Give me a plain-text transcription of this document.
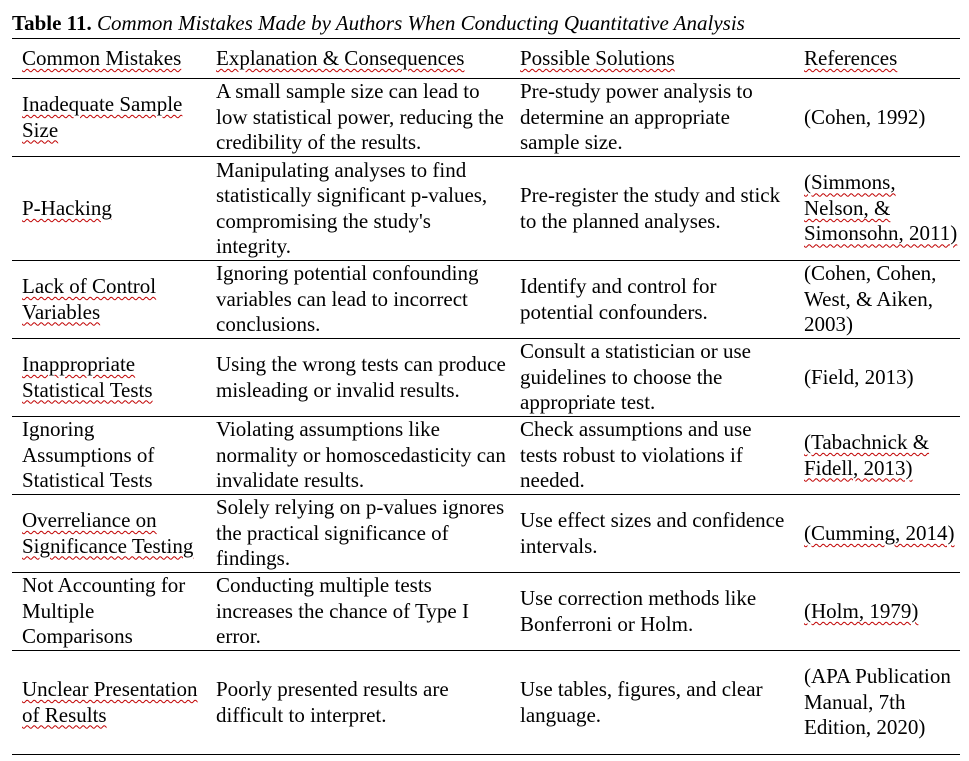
Table 11. Common Mistakes Made by Authors When Conducting Quantitative Analysis
Common Mistakes	Explanation & Consequences	Possible Solutions	References
Inadequate Sample Size	A small sample size can lead to low statistical power, reducing the credibility of the results.	Pre-study power analysis to determine an appropriate sample size.	(Cohen, 1992)
P-Hacking	Manipulating analyses to find statistically significant p-values, compromising the study's integrity.	Pre-register the study and stick to the planned analyses.	(Simmons, Nelson, & Simonsohn, 2011)
Lack of Control Variables	Ignoring potential confounding variables can lead to incorrect conclusions.	Identify and control for potential confounders.	(Cohen, Cohen, West, & Aiken, 2003)
Inappropriate Statistical Tests	Using the wrong tests can produce misleading or invalid results.	Consult a statistician or use guidelines to choose the appropriate test.	(Field, 2013)
Ignoring Assumptions of Statistical Tests	Violating assumptions like normality or homoscedasticity can invalidate results.	Check assumptions and use tests robust to violations if needed.	(Tabachnick & Fidell, 2013)
Overreliance on Significance Testing	Solely relying on p-values ignores the practical significance of findings.	Use effect sizes and confidence intervals.	(Cumming, 2014)
Not Accounting for Multiple Comparisons	Conducting multiple tests increases the chance of Type I error.	Use correction methods like Bonferroni or Holm.	(Holm, 1979)
Unclear Presentation of Results	Poorly presented results are difficult to interpret.	Use tables, figures, and clear language.	(APA Publication Manual, 7th Edition, 2020)
